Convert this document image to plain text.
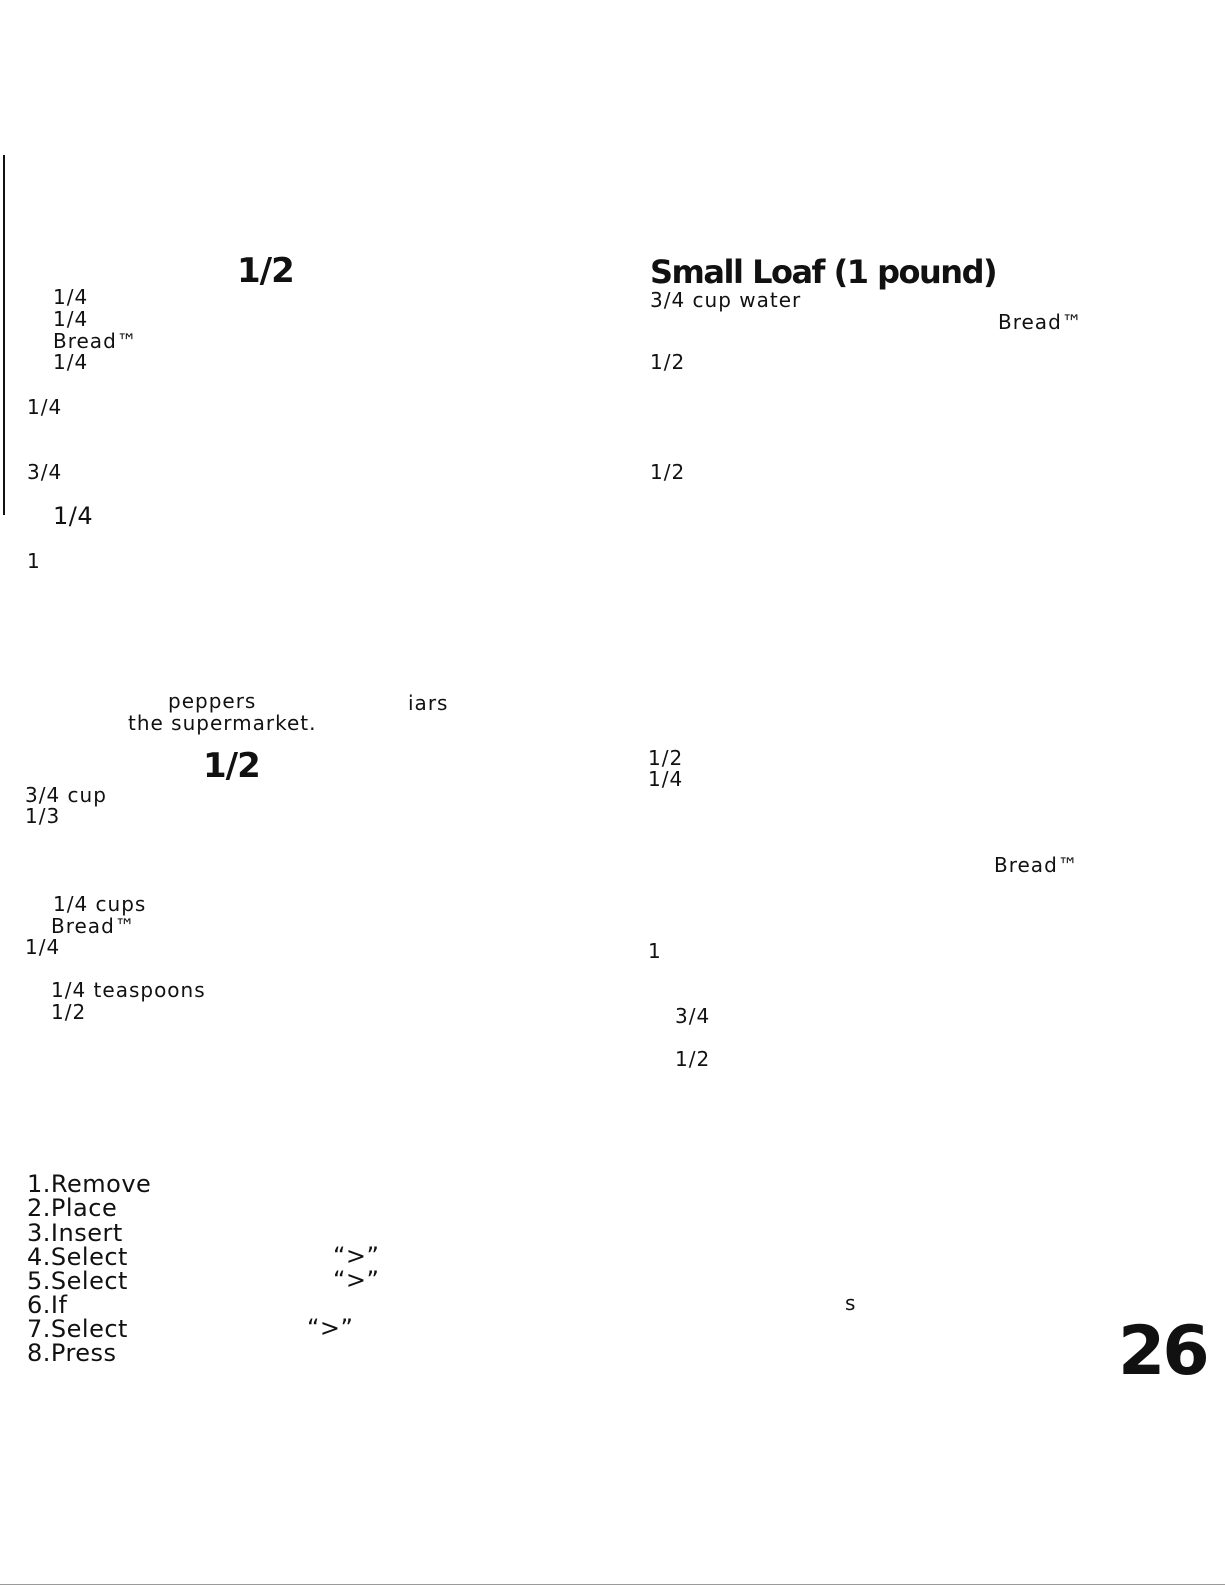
1/2
1/4
1/4
Bread™
1/4
1/4
3/4
1/4
1
peppers	iars
the supermarket.
1/2
3/4 cup
1/3
1/4 cups
Bread™
1/4
1/4 teaspoons
1/2
1.Remove
2.Place
3.Insert
4.Select
5.Select
6.If
7.Select
8.Press
“>”
“>”
“>”
Small Loaf (1 pound)
3/4 cup water
Bread™
1/2
1/2
1/2
1/4
Bread™
1
3/4
1/2
s
26
